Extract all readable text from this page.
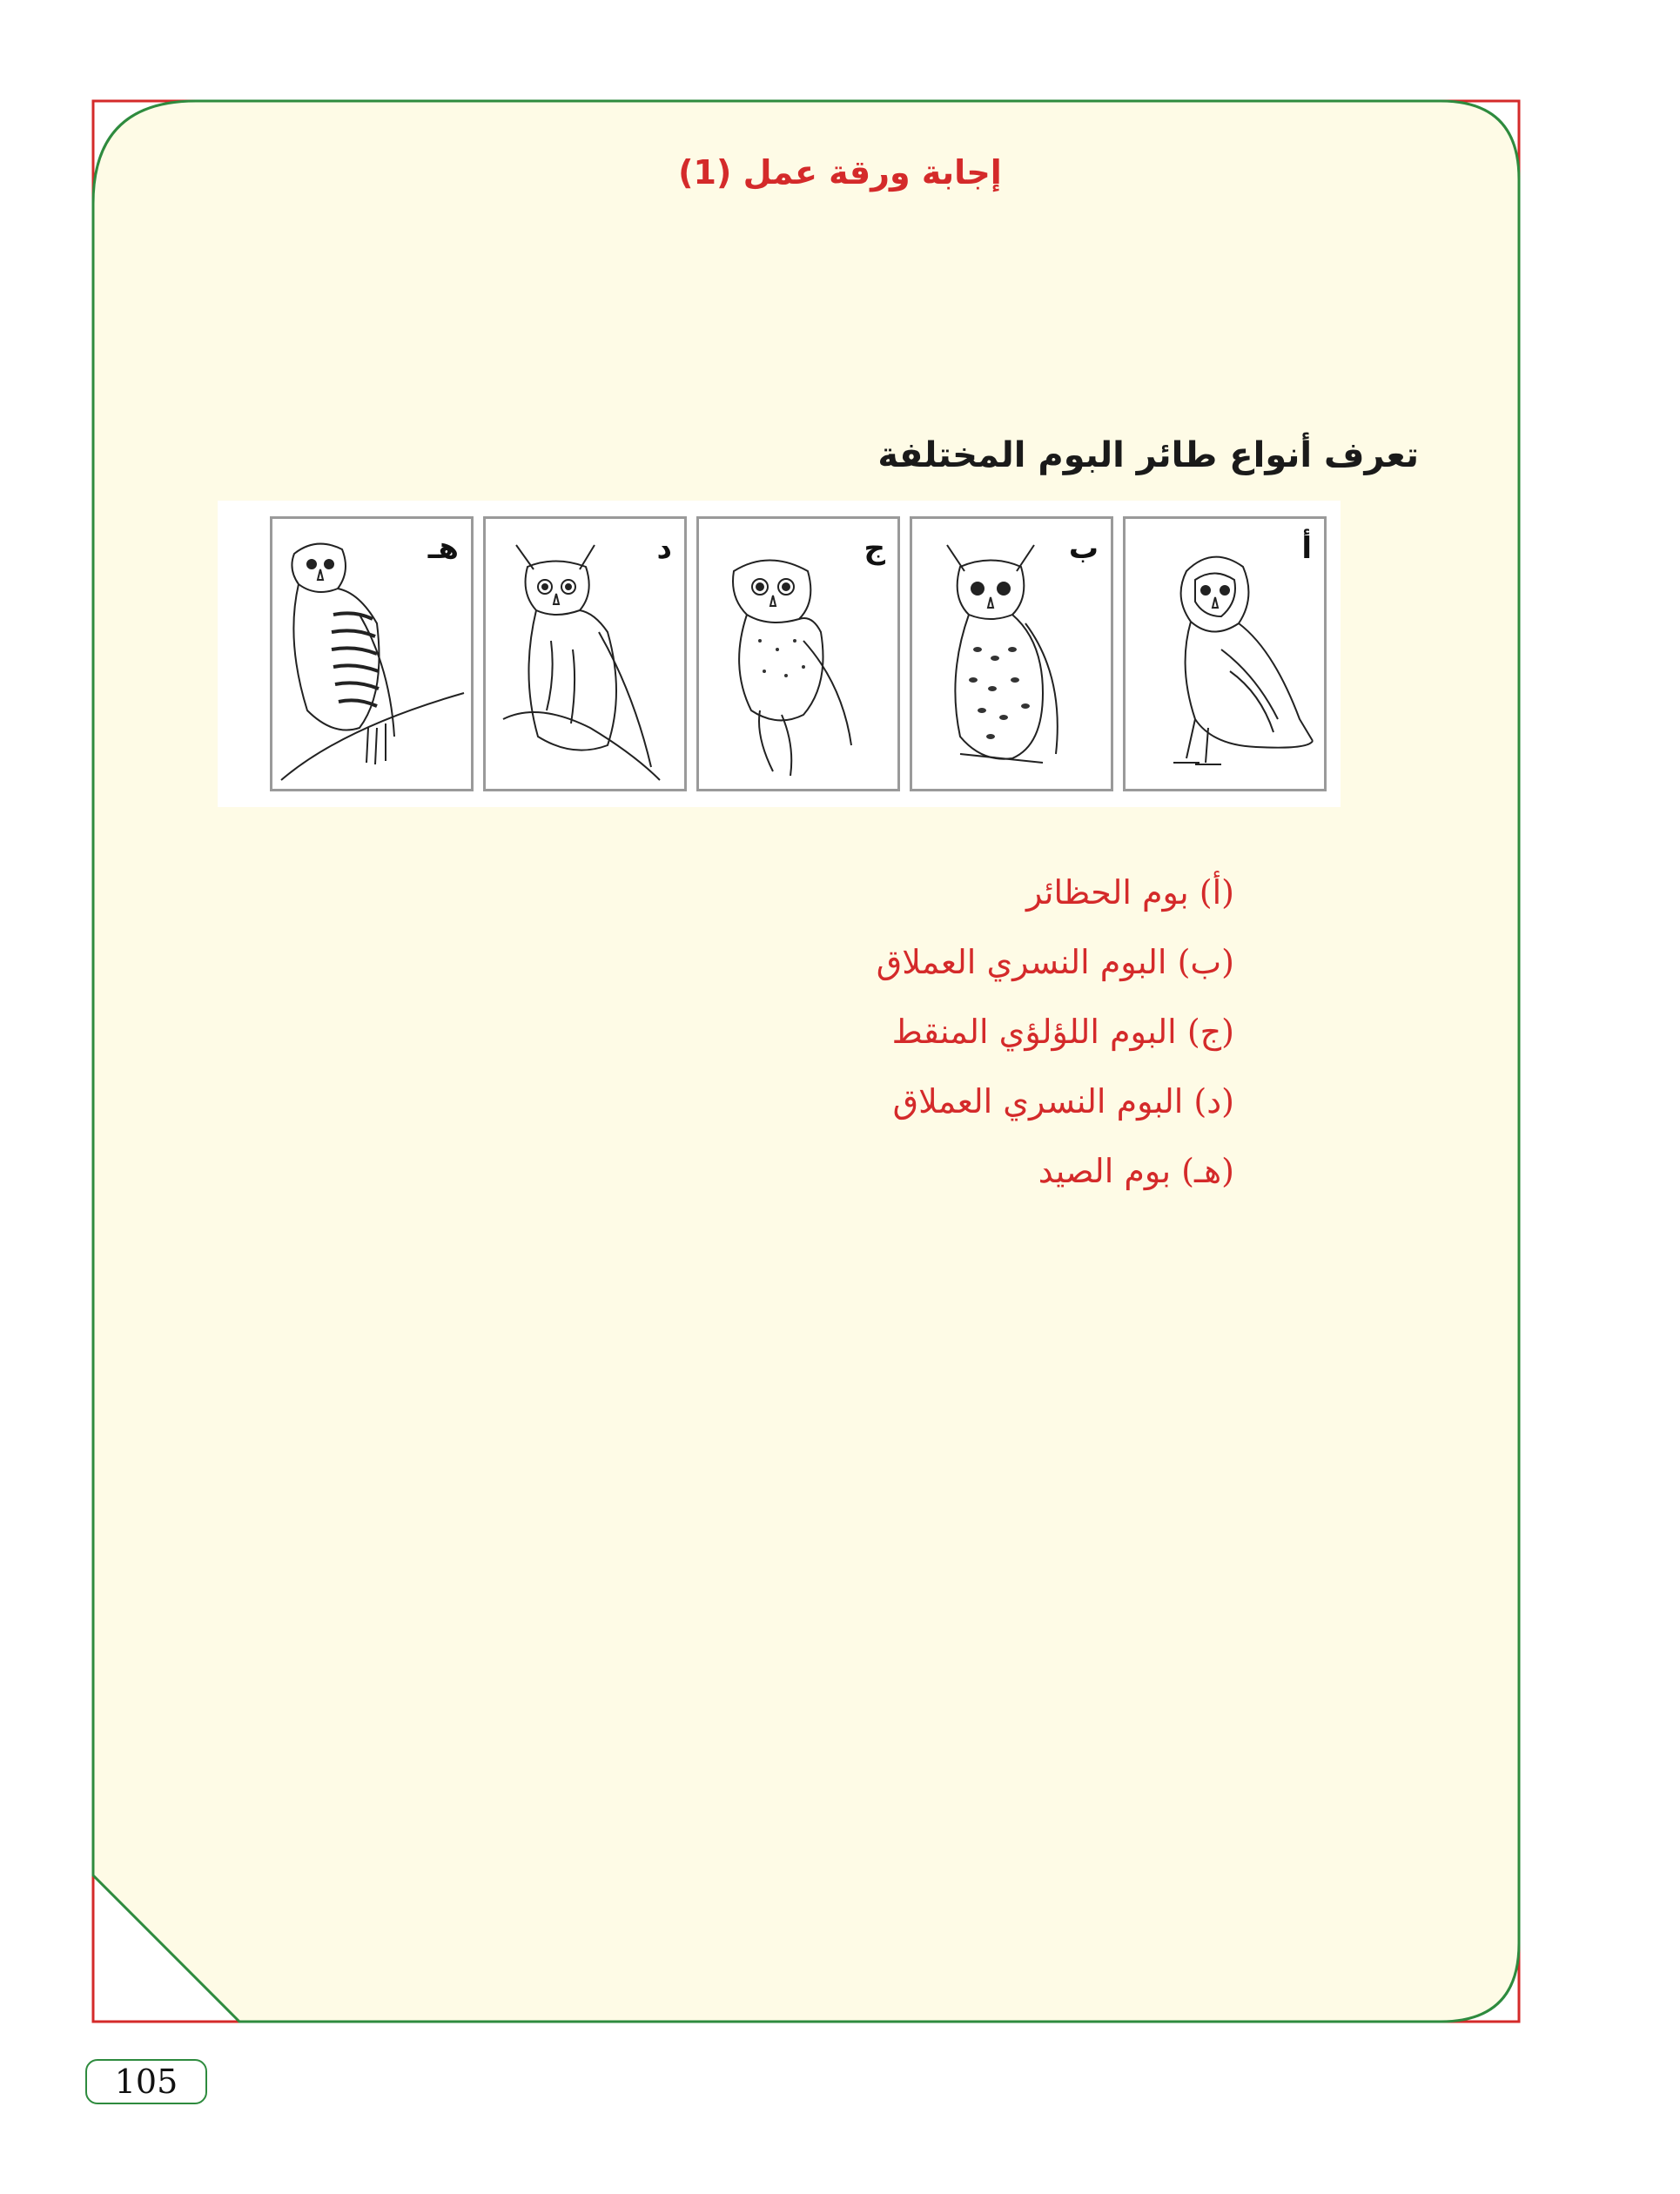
إجابة ورقة عمل (1)
تعرف أنواع طائر البوم المختلفة
أ
ب
ج
د
هـ
(أ) بوم الحظائر
(ب) البوم النسري العملاق
(ج) البوم اللؤلؤي المنقط
(د) البوم النسري العملاق
(هـ) بوم الصيد
105
